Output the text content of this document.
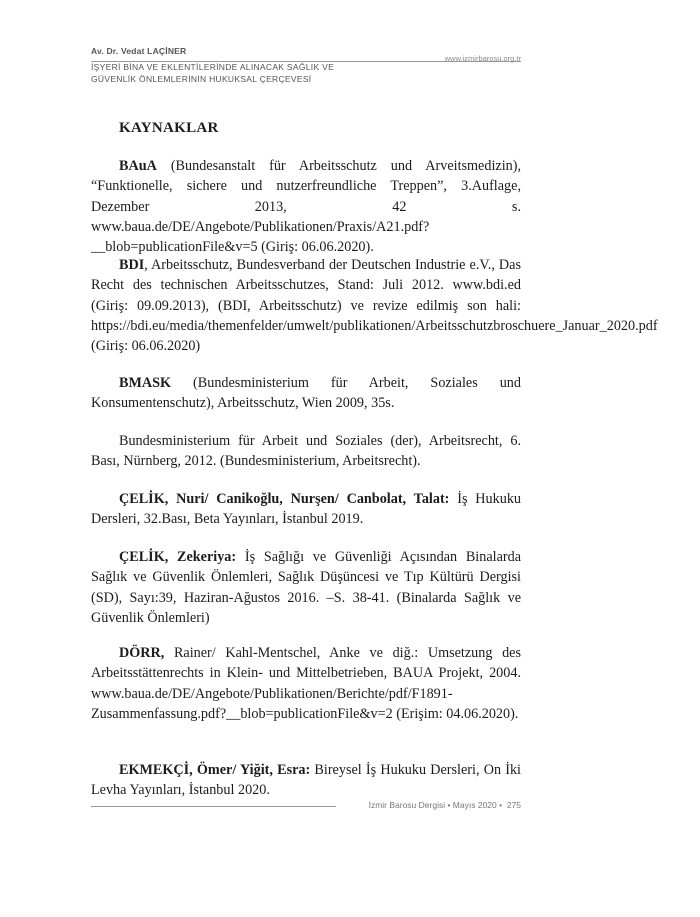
Av. Dr. Vedat LAÇİNER
www.izmirbarosu.org.tr
İŞYERİ BİNA VE EKLENTİLERİNDE ALINACAK SAĞLIK VE
GÜVENLİK ÖNLEMLERİNİN HUKUKSAL ÇERÇEVESİ
KAYNAKLAR
BAuA (Bundesanstalt für Arbeitsschutz und Arveitsmedizin), “Funktionelle, sichere und nutzerfreundliche Treppen”, 3.Auflage, Dezember 2013, 42 s. www.baua.de/DE/Angebote/Publikationen/Praxis/A21.pdf?__blob=publicationFile&v=5 (Giriş: 06.06.2020).
BDI, Arbeitsschutz, Bundesverband der Deutschen Industrie e.V., Das Recht des technischen Arbeitsschutzes, Stand: Juli 2012. www.bdi.ed (Giriş: 09.09.2013), (BDI, Arbeitsschutz) ve revize edilmiş son hali: https://bdi.eu/media/themenfelder/umwelt/publikationen/Arbeitsschutzbroschuere_Januar_2020.pdf (Giriş: 06.06.2020)
BMASK (Bundesministerium für Arbeit, Soziales und Konsumentenschutz), Arbeitsschutz, Wien 2009, 35s.
Bundesministerium für Arbeit und Soziales (der), Arbeitsrecht, 6. Bası, Nürnberg, 2012. (Bundesministerium, Arbeitsrecht).
ÇELİK, Nuri/ Canikoğlu, Nurşen/ Canbolat, Talat: İş Hukuku Dersleri, 32.Bası, Beta Yayınları, İstanbul 2019.
ÇELİK, Zekeriya: İş Sağlığı ve Güvenliği Açısından Binalarda Sağlık ve Güvenlik Önlemleri, Sağlık Düşüncesi ve Tıp Kültürü Dergisi (SD), Sayı:39, Haziran-Ağustos 2016. –S. 38-41. (Binalarda Sağlık ve Güvenlik Önlemleri)
DÖRR, Rainer/ Kahl-Mentschel, Anke ve diğ.: Umsetzung des Arbeitsstättenrechts in Klein- und Mittelbetrieben, BAUA Projekt, 2004. www.baua.de/DE/Angebote/Publikationen/Berichte/pdf/F1891-Zusammenfassung.pdf?__blob=publicationFile&v=2 (Erişim: 04.06.2020).
EKMEKÇİ, Ömer/ Yiğit, Esra: Bireysel İş Hukuku Dersleri, On İki Levha Yayınları, İstanbul 2020.
İzmir Barosu Dergisi • Mayıs 2020 • 275
